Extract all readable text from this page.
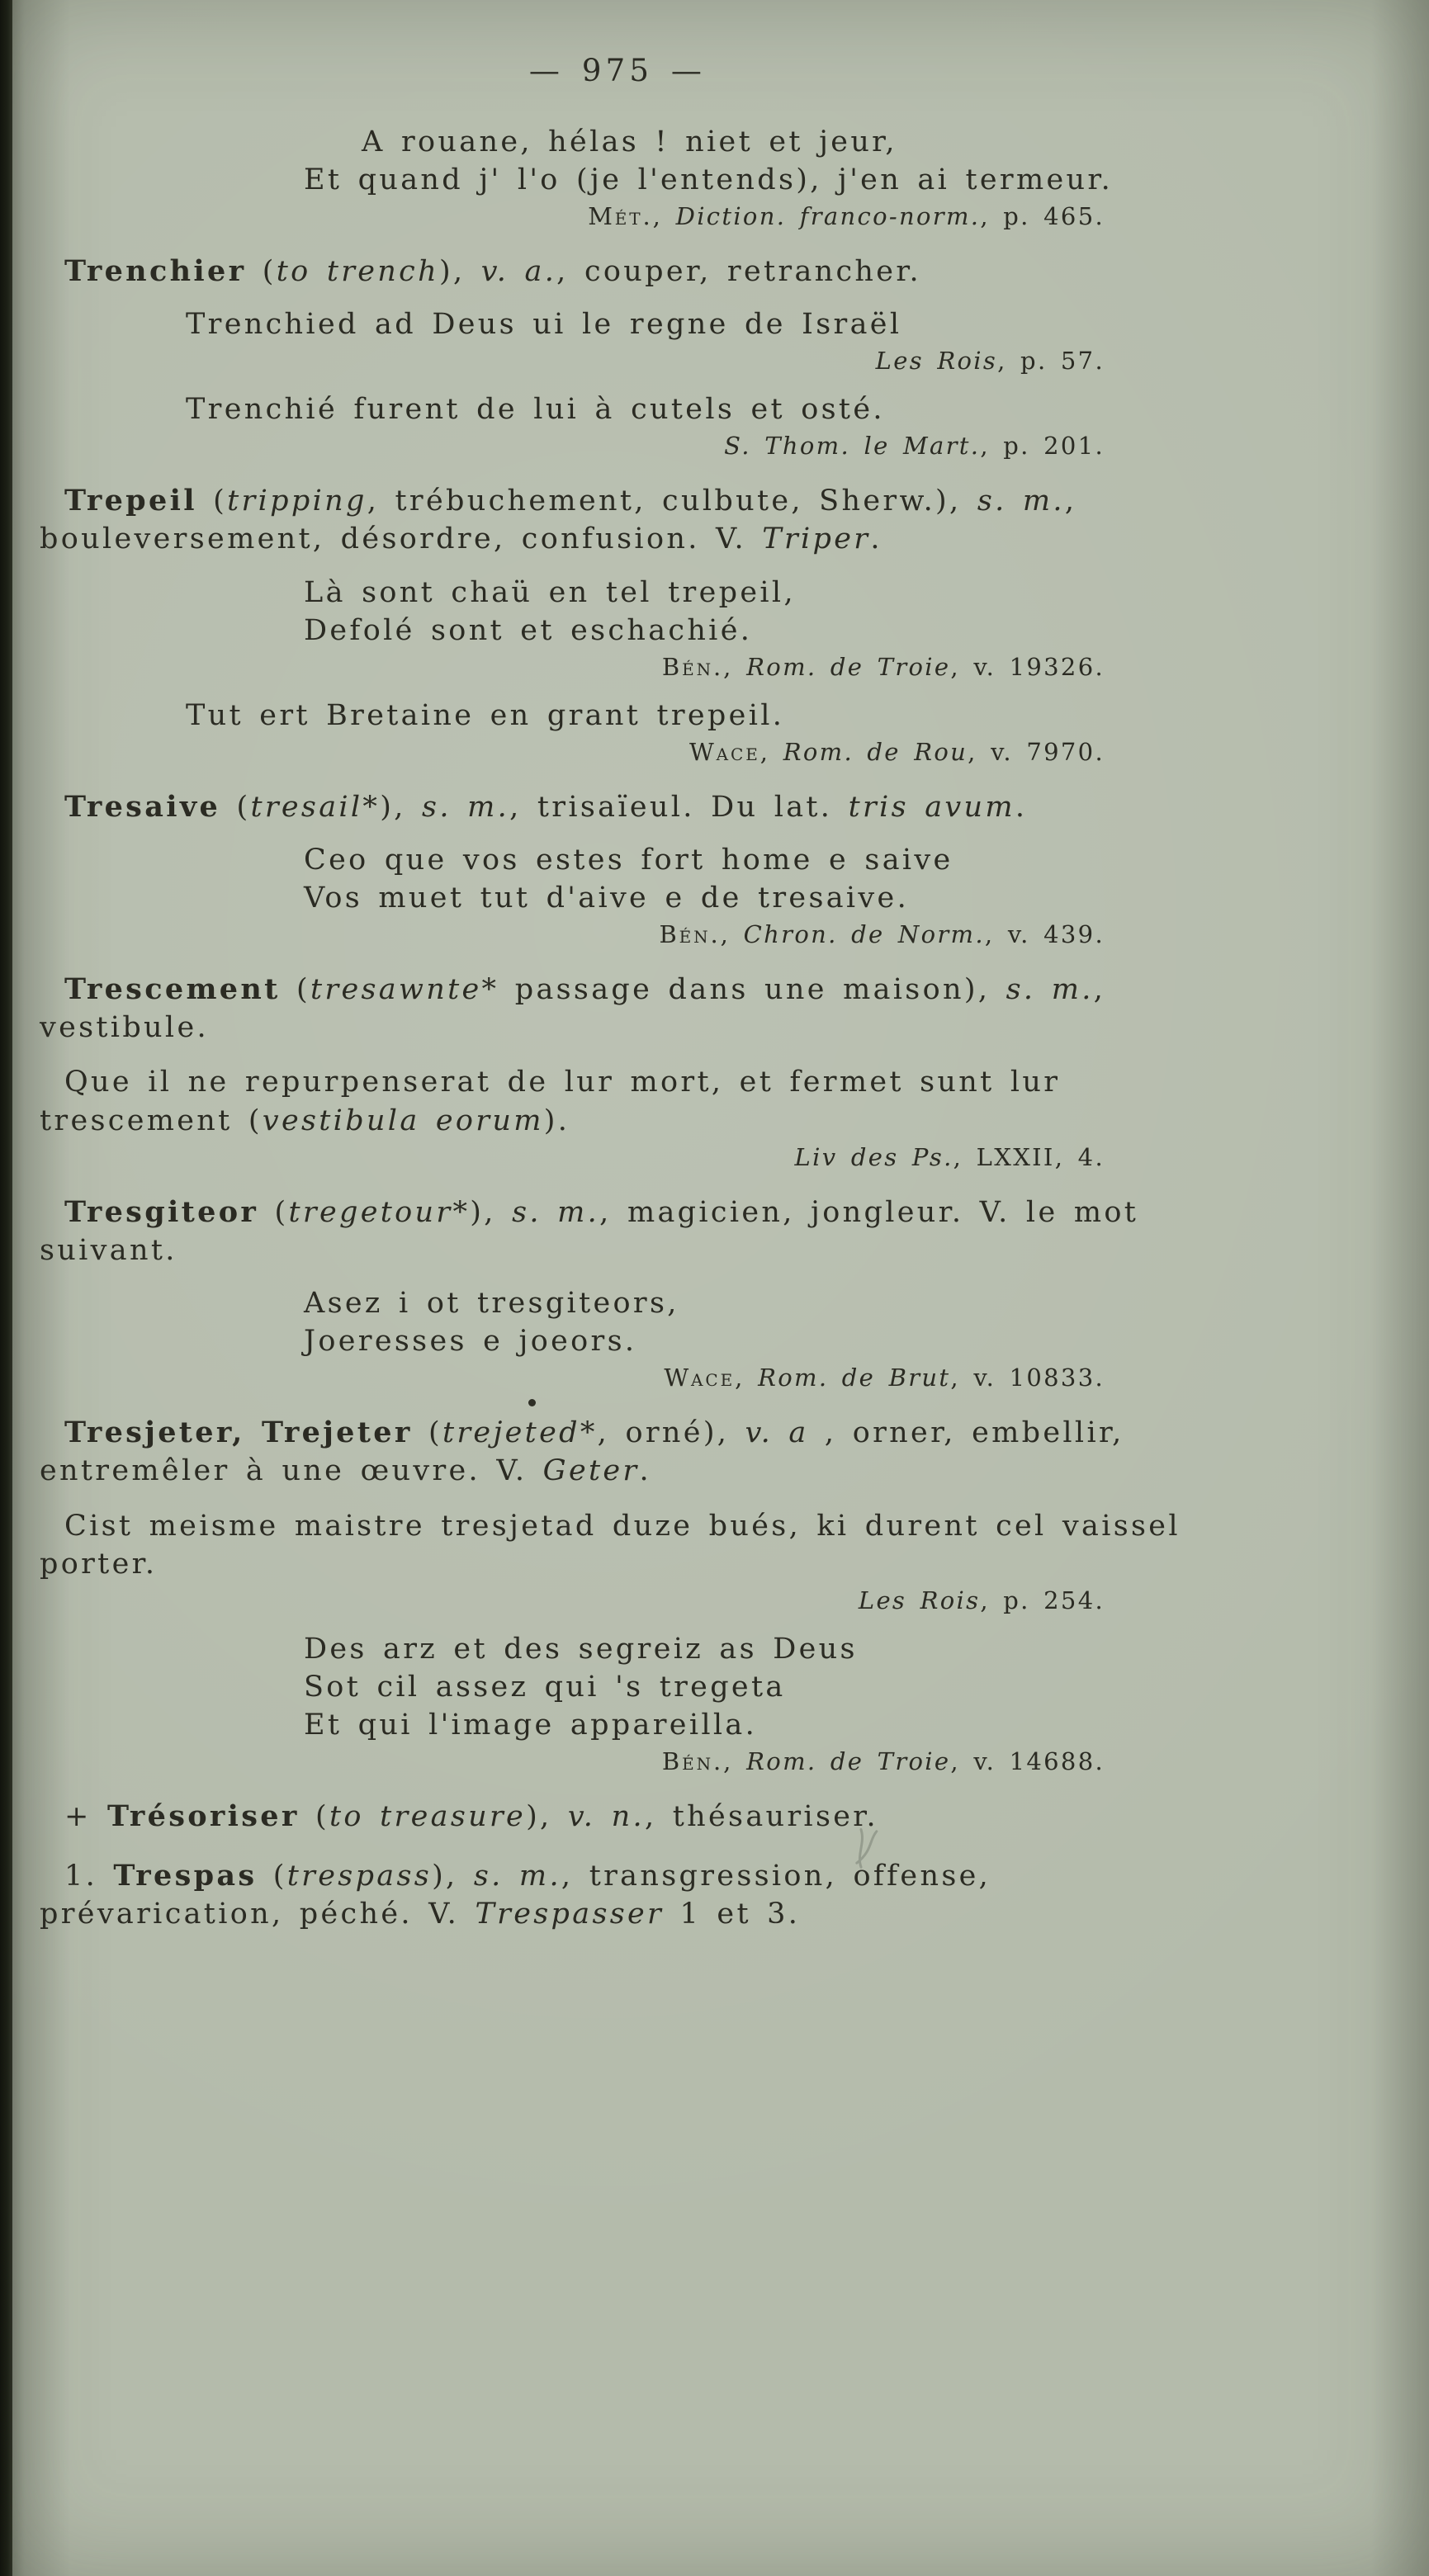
— 975 —
A rouane, hélas ! niet et jeur,
Et quand j' l'o (je l'entends), j'en ai termeur.
Mét., Diction. franco-norm., p. 465.
Trenchier (to trench), v. a., couper, retrancher.
Trenchied ad Deus ui le regne de Israël
Les Rois, p. 57.
Trenchié furent de lui à cutels et osté.
S. Thom. le Mart., p. 201.
Trepeil (tripping, trébuchement, culbute, Sherw.), s. m., bouleversement, désordre, confusion. V. Triper.
Là sont chaü en tel trepeil,
Defolé sont et eschachié.
Bén., Rom. de Troie, v. 19326.
Tut ert Bretaine en grant trepeil.
Wace, Rom. de Rou, v. 7970.
Tresaive (tresail*), s. m., trisaïeul. Du lat. tris avum.
Ceo que vos estes fort home e saive
Vos muet tut d'aive e de tresaive.
Bén., Chron. de Norm., v. 439.
Trescement (tresawnte* passage dans une maison), s. m., vestibule.
Que il ne repurpenserat de lur mort, et fermet sunt lur trescement (vestibula eorum).
Liv des Ps., LXXII, 4.
Tresgiteor (tregetour*), s. m., magicien, jongleur. V. le mot suivant.
Asez i ot tresgiteors,
Joeresses e joeors.
Wace, Rom. de Brut, v. 10833.
Tresjeter, Trejeter (trejeted*, orné), v. a , orner, embellir, entremêler à une œuvre. V. Geter.
Cist meisme maistre tresjetad duze bués, ki durent cel vaissel porter.
Les Rois, p. 254.
Des arz et des segreiz as Deus
Sot cil assez qui 's tregeta
Et qui l'image appareilla.
Bén., Rom. de Troie, v. 14688.
+ Trésoriser (to treasure), v. n., thésauriser.
1. Trespas (trespass), s. m., transgression, offense, prévarication, péché. V. Trespasser 1 et 3.
